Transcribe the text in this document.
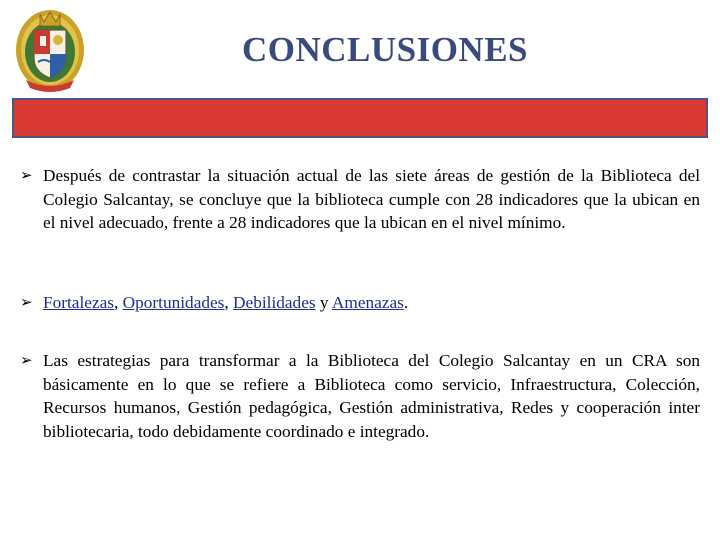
CONCLUSIONES
➢ Después de contrastar la situación actual de las siete áreas de gestión de la Biblioteca del Colegio Salcantay, se concluye que la biblioteca cumple con 28 indicadores que la ubican en el nivel adecuado, frente a 28 indicadores que la ubican en el nivel mínimo.
➢ Fortalezas, Oportunidades, Debilidades y Amenazas.
➢ Las estrategias para transformar a la Biblioteca del Colegio Salcantay en un CRA son básicamente en lo que se refiere a Biblioteca como servicio, Infraestructura, Colección, Recursos humanos, Gestión pedagógica, Gestión administrativa, Redes y cooperación inter bibliotecaria, todo debidamente coordinado e integrado.
